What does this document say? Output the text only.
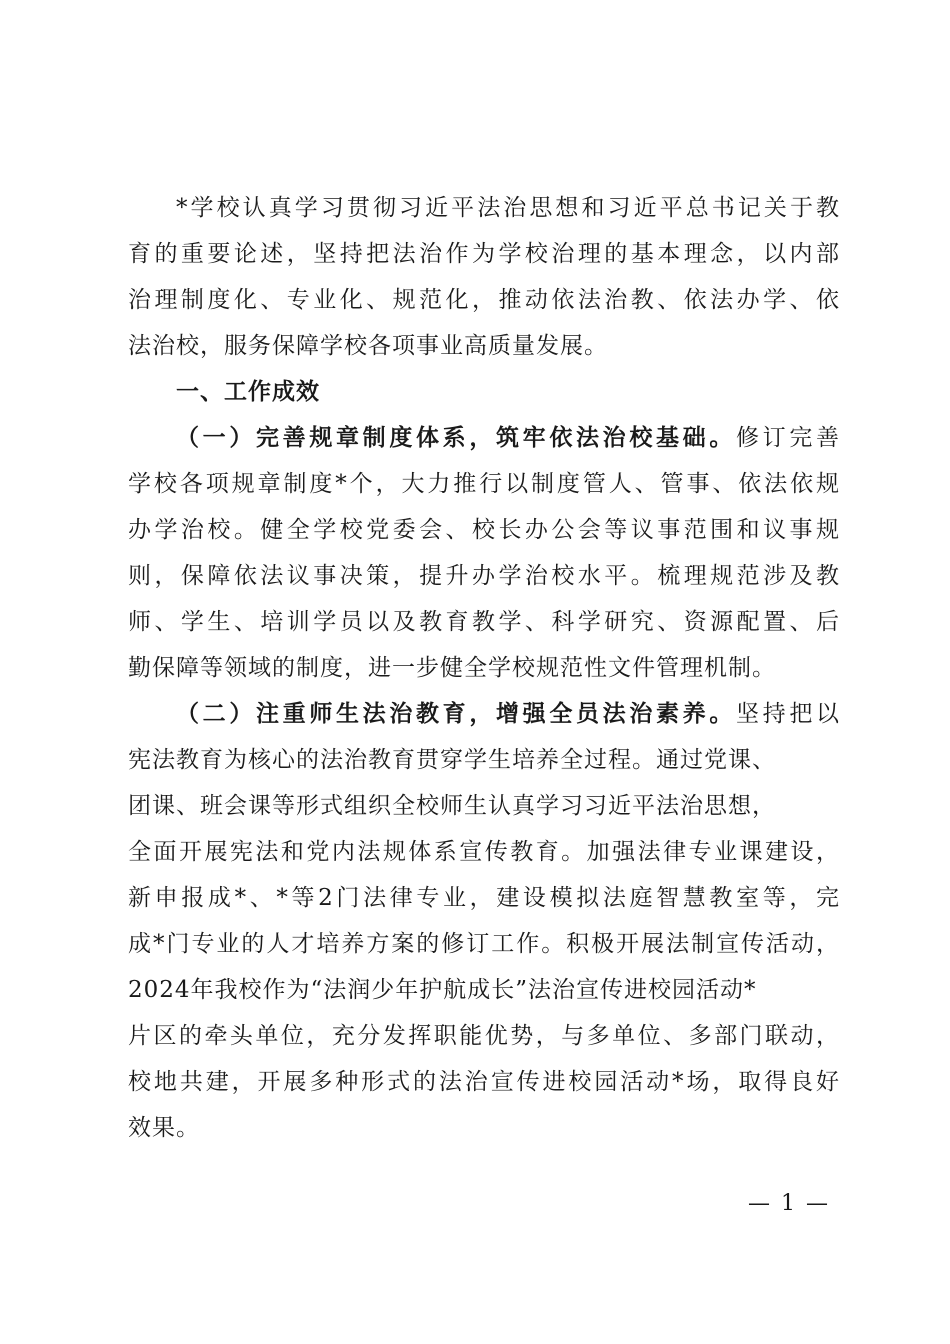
*学校认真学习贯彻习近平法治思想和习近平总书记关于教
育的重要论述，坚持把法治作为学校治理的基本理念，以内部
治理制度化、专业化、规范化，推动依法治教、依法办学、依
法治校，服务保障学校各项事业高质量发展。
一、工作成效
（一）完善规章制度体系，筑牢依法治校基础。修订完善
学校各项规章制度*个，大力推行以制度管人、管事、依法依规
办学治校。健全学校党委会、校长办公会等议事范围和议事规
则，保障依法议事决策，提升办学治校水平。梳理规范涉及教
师、学生、培训学员以及教育教学、科学研究、资源配置、后
勤保障等领域的制度，进一步健全学校规范性文件管理机制。
（二）注重师生法治教育，增强全员法治素养。坚持把以
宪法教育为核心的法治教育贯穿学生培养全过程。通过党课、
团课、班会课等形式组织全校师生认真学习习近平法治思想，
全面开展宪法和党内法规体系宣传教育。加强法律专业课建设，
新申报成*、*等2门法律专业，建设模拟法庭智慧教室等，完
成*门专业的人才培养方案的修订工作。积极开展法制宣传活动，
2024年我校作为“法润少年护航成长”法治宣传进校园活动*
片区的牵头单位，充分发挥职能优势，与多单位、多部门联动，
校地共建，开展多种形式的法治宣传进校园活动*场，取得良好
效果。
— 1 —
